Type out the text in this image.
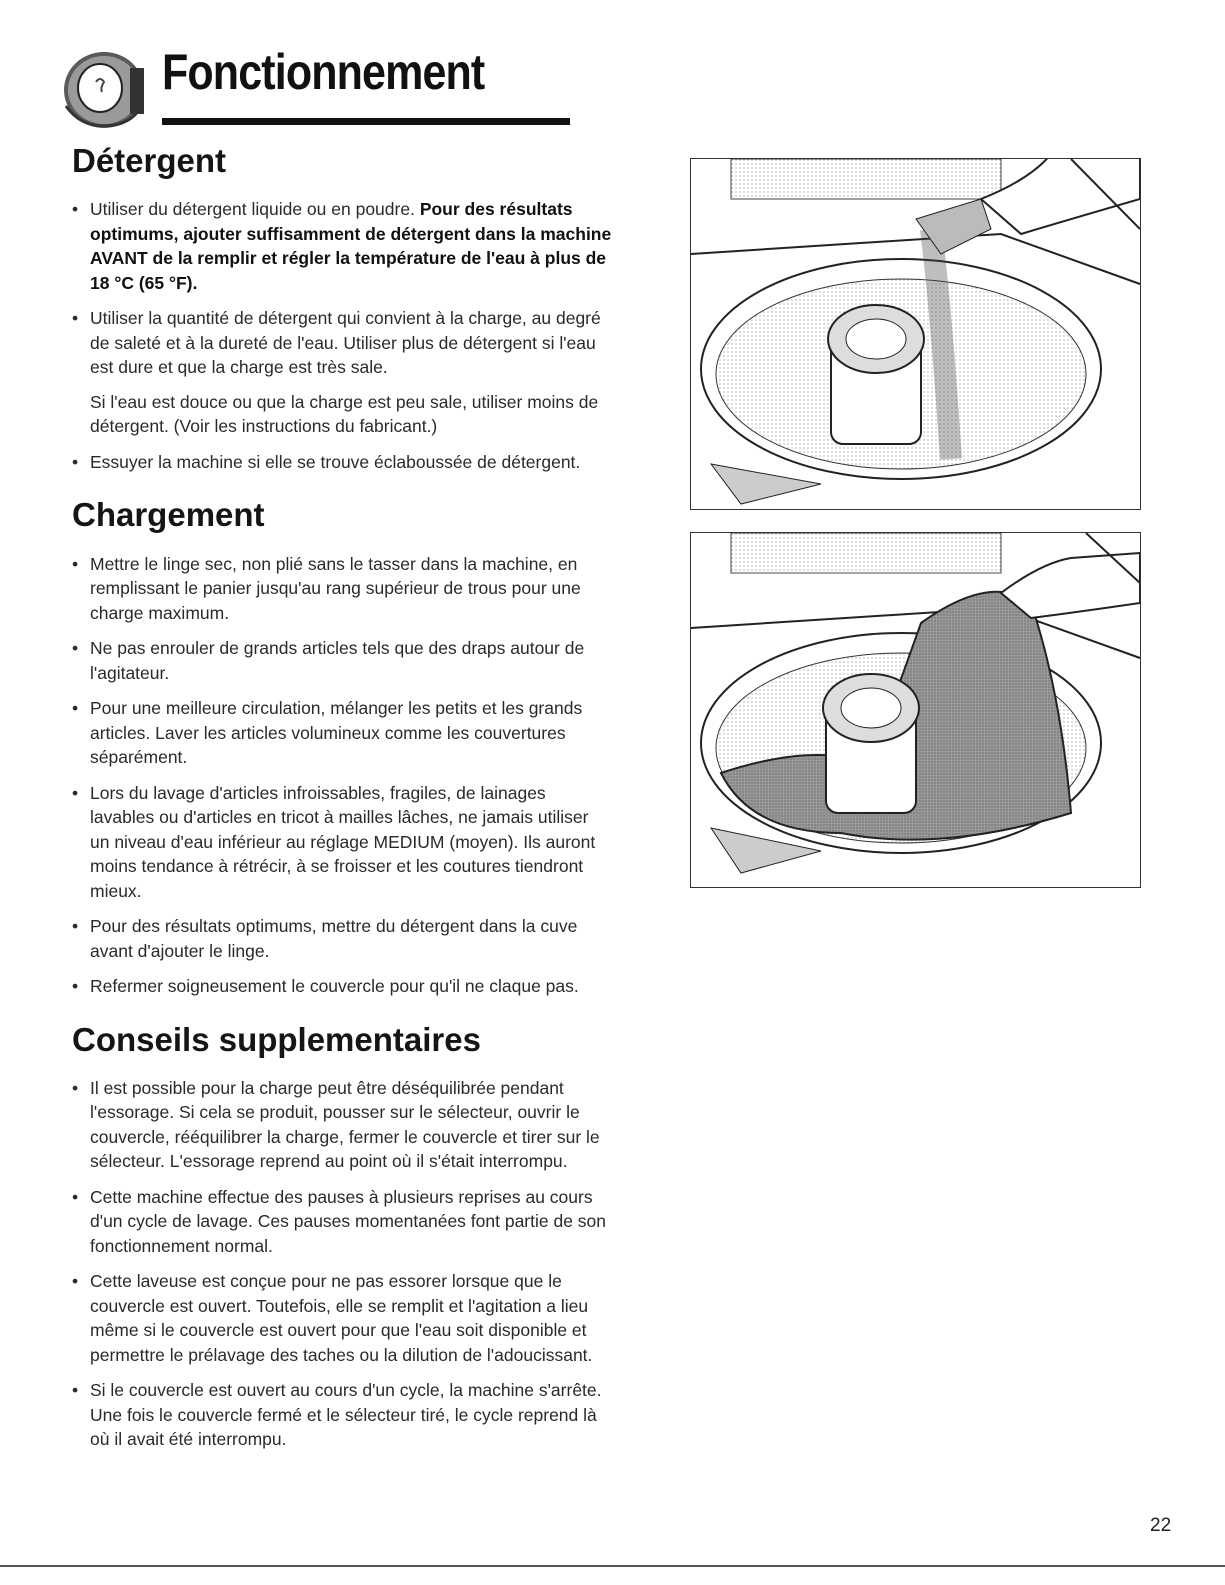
Fonctionnement
Détergent
• Utiliser du détergent liquide ou en poudre. Pour des résultats optimums, ajouter suffisamment de détergent dans la machine AVANT de la remplir et régler la température de l'eau à plus de 18 °C (65 °F).
• Utiliser la quantité de détergent qui convient à la charge, au degré de saleté et à la dureté de l'eau. Utiliser plus de détergent si l'eau est dure et que la charge est très sale.

Si l'eau est douce ou que la charge est peu sale, utiliser moins de détergent. (Voir les instructions du fabricant.)

• Essuyer la machine si elle se trouve éclaboussée de détergent.
Chargement
• Mettre le linge sec, non plié sans le tasser dans la machine, en remplissant le panier jusqu'au rang supérieur de trous pour une charge maximum.
• Ne pas enrouler de grands articles tels que des draps autour de l'agitateur.
• Pour une meilleure circulation, mélanger les petits et les grands articles. Laver les articles volumineux comme les couvertures séparément.
• Lors du lavage d'articles infroissables, fragiles, de lainages lavables ou d'articles en tricot à mailles lâches, ne jamais utiliser un niveau d'eau inférieur au réglage MEDIUM (moyen). Ils auront moins tendance à rétrécir, à se froisser et les coutures tiendront mieux.
• Pour des résultats optimums, mettre du détergent dans la cuve avant d'ajouter le linge.
• Refermer soigneusement le couvercle pour qu'il ne claque pas.
Conseils supplementaires
• Il est possible pour la charge peut être déséquilibrée pendant l'essorage. Si cela se produit, pousser sur le sélecteur, ouvrir le couvercle, rééquilibrer la charge, fermer le couvercle et tirer sur le sélecteur. L'essorage reprend au point où il s'était interrompu.
• Cette machine effectue des pauses à plusieurs reprises au cours d'un cycle de lavage. Ces pauses momentanées font partie de son fonctionnement normal.
• Cette laveuse est conçue pour ne pas essorer lorsque que le couvercle est ouvert. Toutefois, elle se remplit et l'agitation a lieu même si le couvercle est ouvert pour que l'eau soit disponible et permettre le prélavage des taches ou la dilution de l'adoucissant.
• Si le couvercle est ouvert au cours d'un cycle, la machine s'arrête. Une fois le couvercle fermé et le sélecteur tiré, le cycle reprend là où il avait été interrompu.
22
